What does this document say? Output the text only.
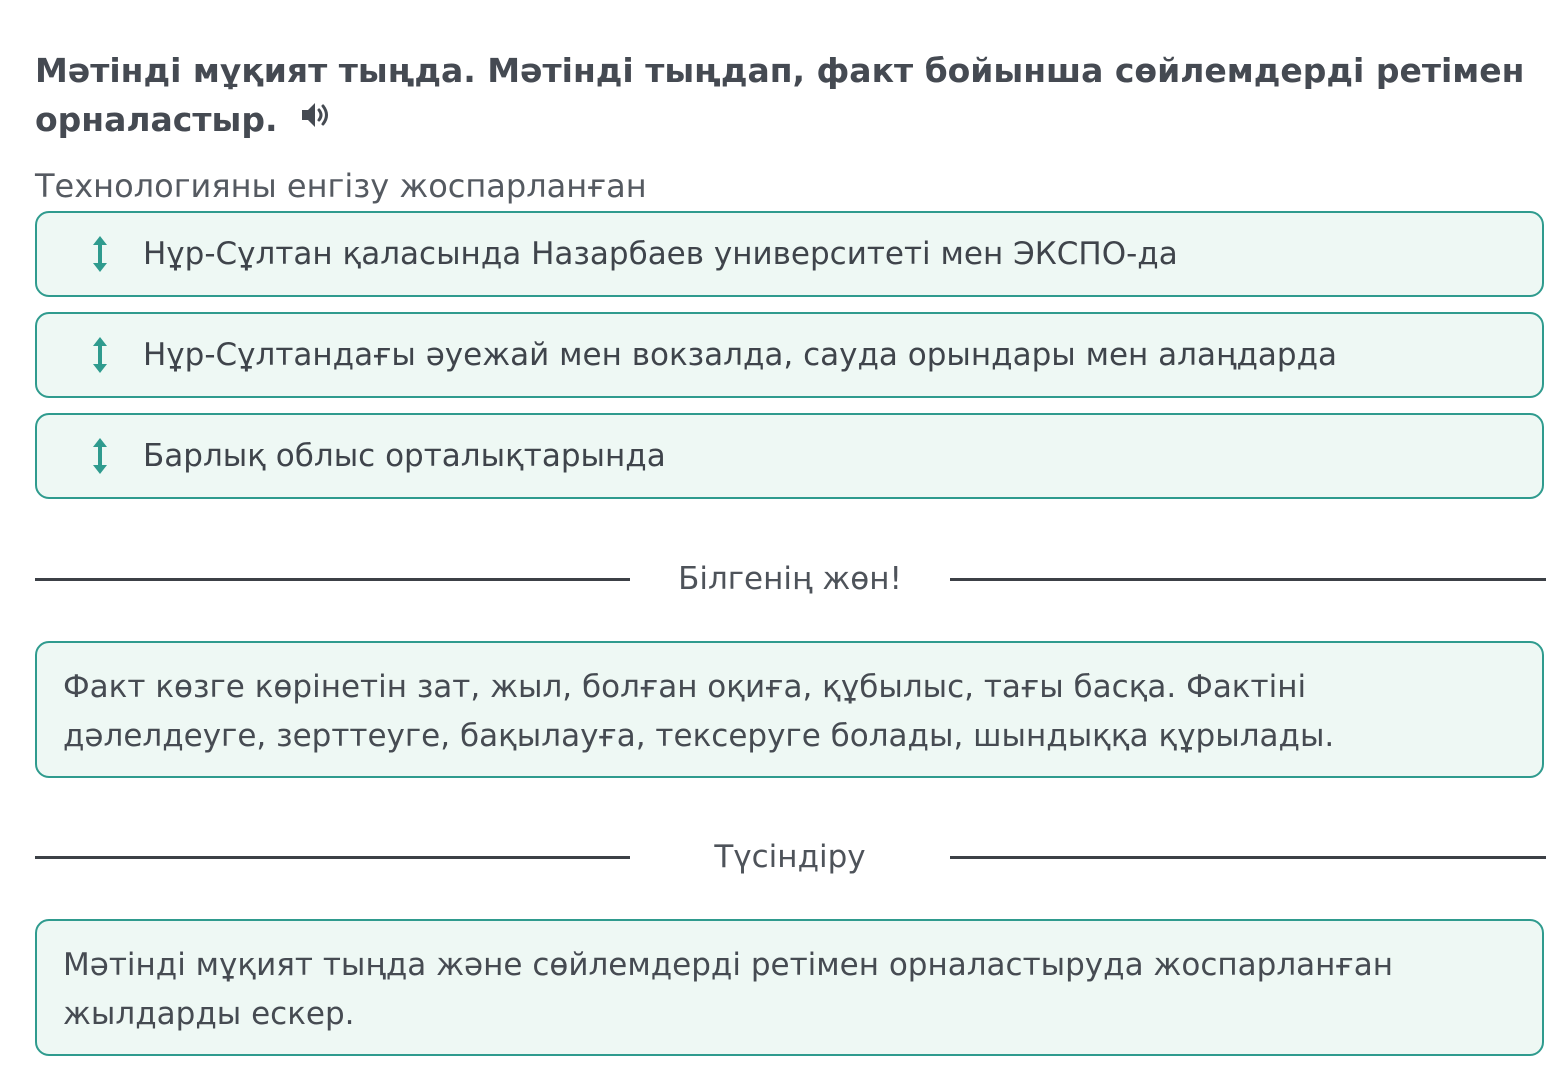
Мәтінді мұқият тыңда. Мәтінді тыңдап, факт бойынша сөйлемдерді ретімен орналастыр.
Технологияны енгізу жоспарланған
Нұр-Сұлтан қаласында Назарбаев университеті мен ЭКСПО-да
Нұр-Сұлтандағы әуежай мен вокзалда, сауда орындары мен алаңдарда
Барлық облыс орталықтарында
Білгенің жөн!
Факт көзге көрінетін зат, жыл, болған оқиға, құбылыс, тағы басқа. Фактіні дәлелдеуге, зерттеуге, бақылауға, тексеруге болады, шындыққа құрылады.
Түсіндіру
Мәтінді мұқият тыңда және сөйлемдерді ретімен орналастыруда жоспарланған жылдарды ескер.
